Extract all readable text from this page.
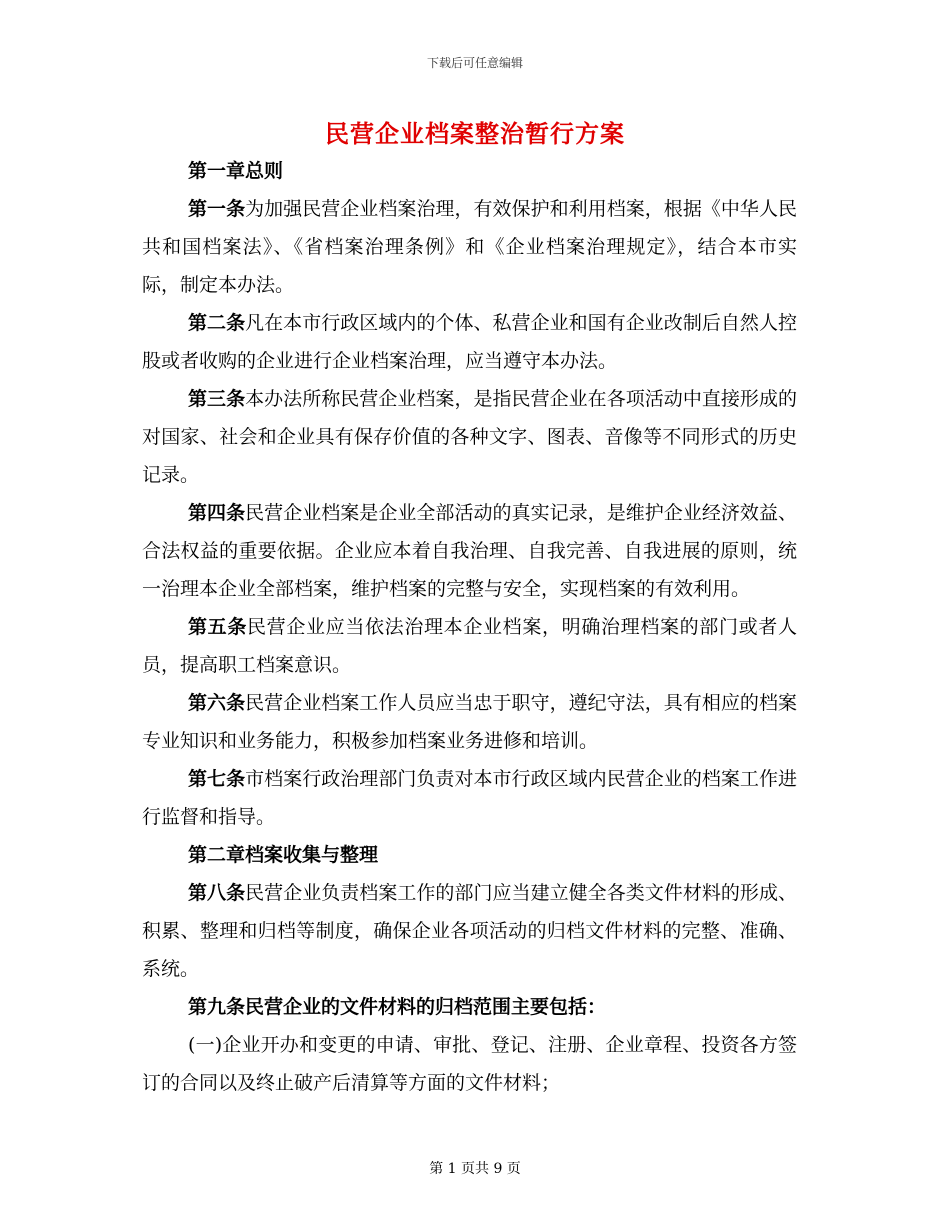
下载后可任意编辑
民营企业档案整治暂行方案

第一章总则

第一条为加强民营企业档案治理，有效保护和利用档案，根据《中华人民共和国档案法》、《省档案治理条例》和《企业档案治理规定》，结合本市实际，制定本办法。

第二条凡在本市行政区域内的个体、私营企业和国有企业改制后自然人控股或者收购的企业进行企业档案治理，应当遵守本办法。

第三条本办法所称民营企业档案，是指民营企业在各项活动中直接形成的对国家、社会和企业具有保存价值的各种文字、图表、音像等不同形式的历史记录。

第四条民营企业档案是企业全部活动的真实记录，是维护企业经济效益、合法权益的重要依据。企业应本着自我治理、自我完善、自我进展的原则，统一治理本企业全部档案，维护档案的完整与安全，实现档案的有效利用。

第五条民营企业应当依法治理本企业档案，明确治理档案的部门或者人员，提高职工档案意识。

第六条民营企业档案工作人员应当忠于职守，遵纪守法，具有相应的档案专业知识和业务能力，积极参加档案业务进修和培训。

第七条市档案行政治理部门负责对本市行政区域内民营企业的档案工作进行监督和指导。

第二章档案收集与整理

第八条民营企业负责档案工作的部门应当建立健全各类文件材料的形成、积累、整理和归档等制度，确保企业各项活动的归档文件材料的完整、准确、系统。

第九条民营企业的文件材料的归档范围主要包括：

(一)企业开办和变更的申请、审批、登记、注册、企业章程、投资各方签订的合同以及终止破产后清算等方面的文件材料；

第 1 页共 9 页
